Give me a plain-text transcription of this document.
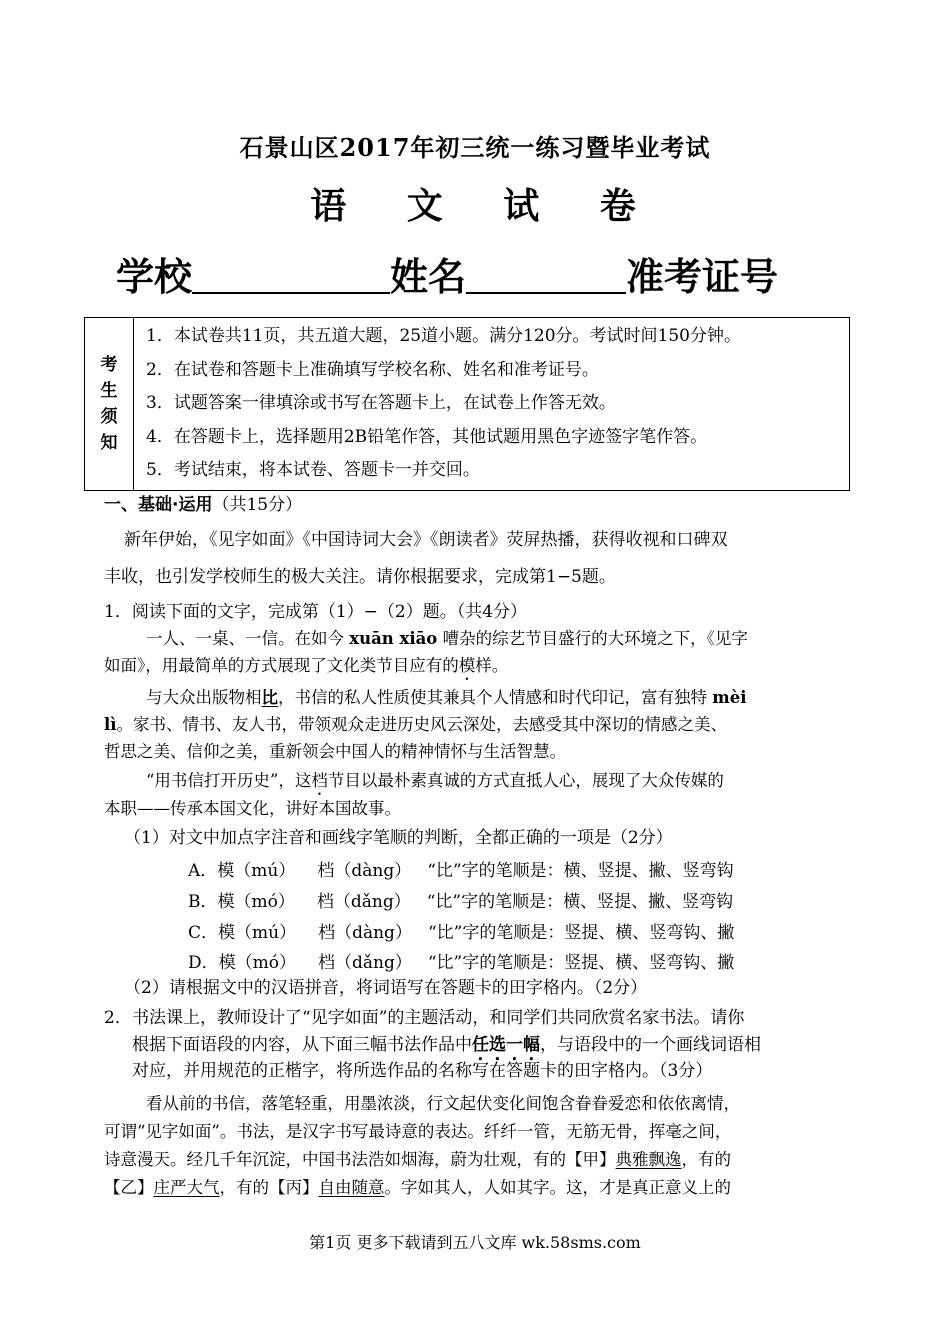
石景山区2017年初三统一练习暨毕业考试
语 文 试 卷
学校	姓名	准考证号
考
生
须
知

1．本试卷共11页，共五道大题，25道小题。满分120分。考试时间150分钟。
2．在试卷和答题卡上准确填写学校名称、姓名和准考证号。
3．试题答案一律填涂或书写在答题卡上，在试卷上作答无效。
4．在答题卡上，选择题用2B铅笔作答，其他试题用黑色字迹签字笔作答。
5．考试结束，将本试卷、答题卡一并交回。
一、基础·运用（共15分）
新年伊始，《见字如面》《中国诗词大会》《朗读者》荧屏热播，获得收视和口碑双
丰收，也引发学校师生的极大关注。请你根据要求，完成第1−5题。
1．阅读下面的文字，完成第（1）−（2）题。（共4分）
一人、一桌、一信。在如今 xuān xiāo 嘈杂的综艺节目盛行的大环境之下，《见字
如面》，用最简单的方式展现了文化类节目应有的模样。
与大众出版物相比，书信的私人性质使其兼具个人情感和时代印记，富有独特 mèi
lì。家书、情书、友人书，带领观众走进历史风云深处，去感受其中深切的情感之美、
哲思之美、信仰之美，重新领会中国人的精神情怀与生活智慧。
“用书信打开历史”，这档节目以最朴素真诚的方式直抵人心，展现了大众传媒的
本职——传承本国文化，讲好本国故事。
（1）对文中加点字注音和画线字笔顺的判断，全都正确的一项是（2分）
A．模（mú） 档（dàng） “比”字的笔顺是：横、竖提、撇、竖弯钩
B．模（mó） 档（dǎng） “比”字的笔顺是：横、竖提、撇、竖弯钩
C．模（mú） 档（dàng） “比”字的笔顺是：竖提、横、竖弯钩、撇
D．模（mó） 档（dǎng） “比”字的笔顺是：竖提、横、竖弯钩、撇
（2）请根据文中的汉语拼音，将词语写在答题卡的田字格内。（2分）
2． 书法课上，教师设计了“见字如面”的主题活动，和同学们共同欣赏名家书法。请你
根据下面语段的内容，从下面三幅书法作品中任选一幅，与语段中的一个画线词语相
对应，并用规范的正楷字，将所选作品的名称写在答题卡的田字格内。（3分）
看从前的书信，落笔轻重，用墨浓淡，行文起伏变化间饱含眷眷爱恋和依依离情，
可谓“见字如面”。书法，是汉字书写最诗意的表达。纤纤一管，无筋无骨，挥毫之间，
诗意漫天。经几千年沉淀，中国书法浩如烟海，蔚为壮观，有的【甲】典雅飘逸，有的
【乙】庄严大气，有的【丙】自由随意。字如其人，人如其字。这，才是真正意义上的
第1页 更多下载请到五八文库 wk.58sms.com
